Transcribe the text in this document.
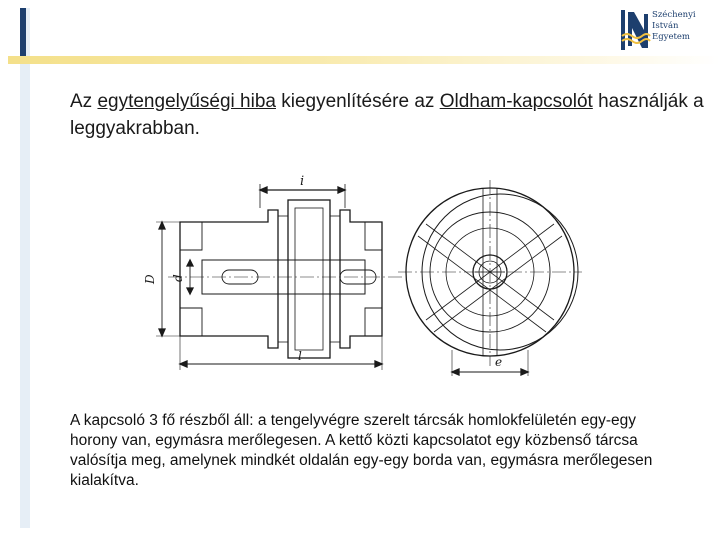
Széchenyi
István
Egyetem
Az egytengelyűségi hiba kiegyenlítésére az Oldham-kapcsolót használják a leggyakrabban.
i
D d
l	e
A kapcsoló 3 fő részből áll: a tengelyvégre szerelt tárcsák homlokfelületén egy-egy horony van, egymásra merőlegesen. A kettő közti kapcsolatot egy közbenső tárcsa valósítja meg, amelynek mindkét oldalán egy-egy borda van, egymásra merőlegesen kialakítva.
